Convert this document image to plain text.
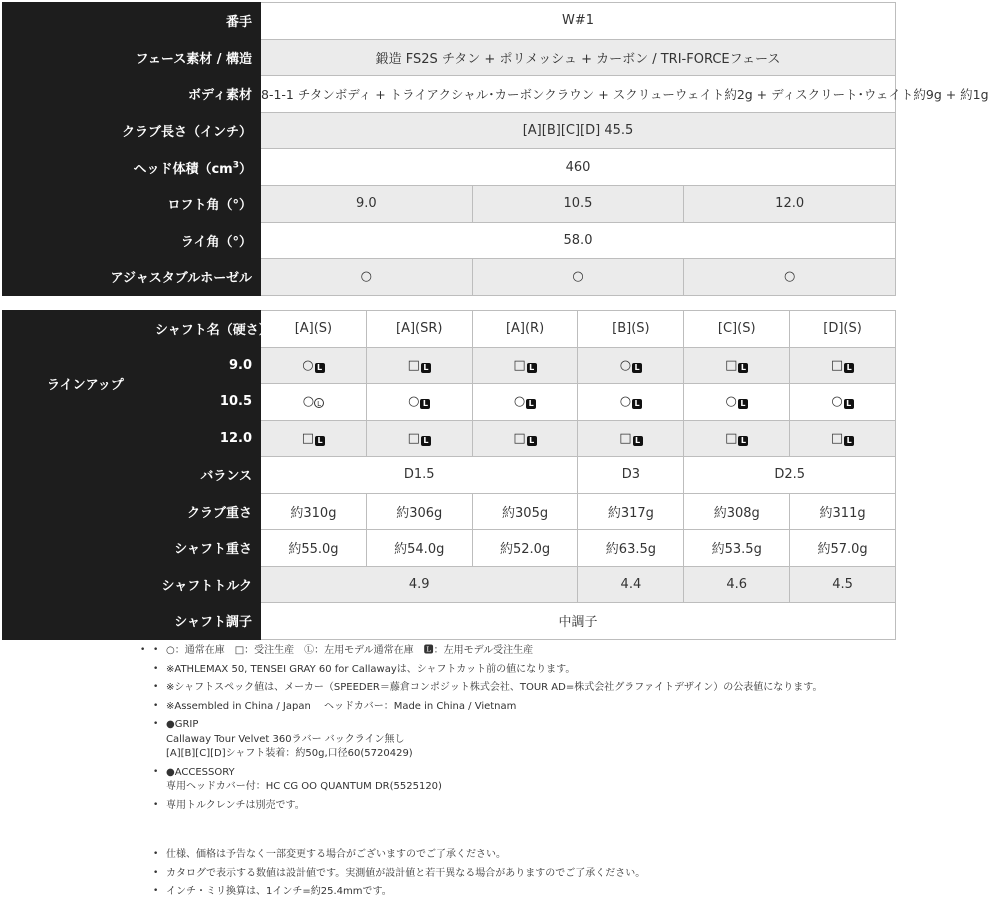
番手	W#1		
フェース素材 / 構造	鍛造 FS2S チタン + ポリメッシュ + カーボン / TRI-FORCEフェース		
ボディ素材	8-1-1 チタンボディ + トライアクシャル･カーボンクラウン + スクリューウェイト約2g + ディスクリート･ウェイト約9g + 約1g		
クラブ長さ（インチ）	[A][B][C][D] 45.5		
ヘッド体積$(cm^3)$	460		
ロフト角（°）	9.0	10.5	12.0
ライ角（°）	58.0		
アジャスタブルホーゼル	○	○	○
ラインアップ	シャフト名（硬さ）	[A](S)	[A](SR)	[A](R)	[B](S)	[C](S)	[D](S)
	9.0	○ L	□ L	□ L	○ L	□ L	□ L
	10.5	○ L	○ L	○ L	○ L	○ L	○ L
	12.0	□ L	□ L	□ L	□ L	□ L	□ L
バランス		D1.5			D3	D2.5	
クラブ重さ		約310g	約306g	約305g	約317g	約308g	約311g
シャフト重さ		約55.0g	約54.0g	約52.0g	約63.5g	約53.5g	約57.0g
シャフトトルク		4.9			4.4	4.6	4.5
シャフト調子		中調子					
• • ○：通常在庫　□：受注生産　Ⓛ：左用モデル通常在庫　🅻：左用モデル受注生産
• ※ATHLEMAX 50, TENSEI GRAY 60 for Callawayは、シャフトカット前の値になります。
• ※シャフトスペック値は、メーカー（SPEEDER＝藤倉コンポジット株式会社、TOUR AD=株式会社グラファイトデザイン）の公表値になります。
• ※Assembled in China / Japan　 ヘッドカバー：Made in China / Vietnam
• ●GRIP
Callaway Tour Velvet 360ラバー バックライン無し
[A][B][C][D]シャフト装着：約50g,口径60(5720429)
• ●ACCESSORY
専用ヘッドカバー付：HC CG OO QUANTUM DR(5525120)
• 専用トルクレンチは別売です。
• 仕様、価格は予告なく一部変更する場合がございますのでご了承ください。
• カタログで表示する数値は設計値です。実測値が設計値と若干異なる場合がありますのでご了承ください。
• インチ・ミリ換算は、1インチ=約25.4mmです。
